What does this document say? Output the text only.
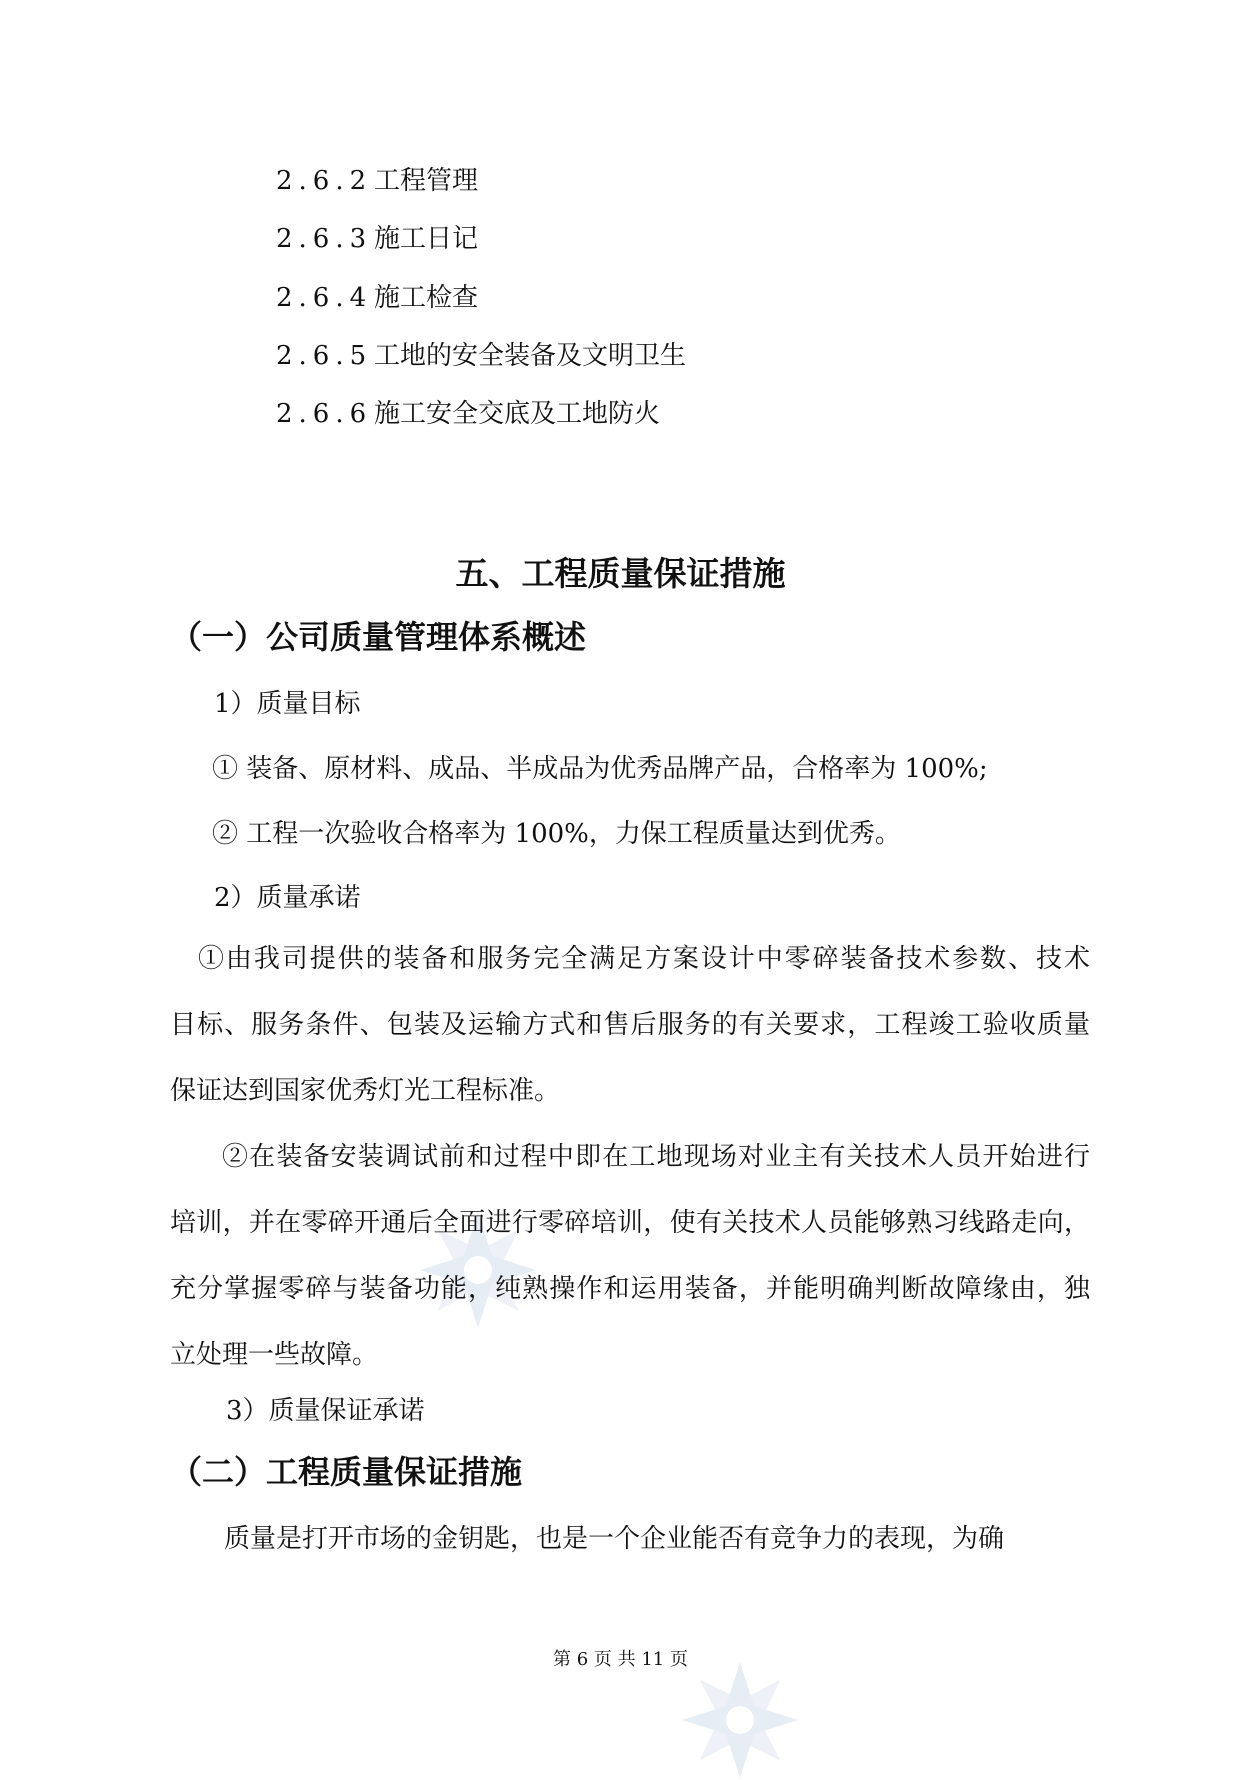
2.6.2工程管理
2.6.3施工日记
2.6.4施工检查
2.6.5工地的安全装备及文明卫生
2.6.6施工安全交底及工地防火
五、工程质量保证措施
（一）公司质量管理体系概述
1）质量目标
① 装备、原材料、成品、半成品为优秀品牌产品，合格率为 100%;
② 工程一次验收合格率为 100%，力保工程质量达到优秀。
2）质量承诺
①由我司提供的装备和服务完全满足方案设计中零碎装备技术参数、技术
目标、服务条件、包装及运输方式和售后服务的有关要求，工程竣工验收质量
保证达到国家优秀灯光工程标准。
②在装备安装调试前和过程中即在工地现场对业主有关技术人员开始进行
培训，并在零碎开通后全面进行零碎培训，使有关技术人员能够熟习线路走向，
充分掌握零碎与装备功能，纯熟操作和运用装备，并能明确判断故障缘由，独
立处理一些故障。
3）质量保证承诺
（二）工程质量保证措施
质量是打开市场的金钥匙，也是一个企业能否有竞争力的表现，为确
第 6 页 共 11 页
